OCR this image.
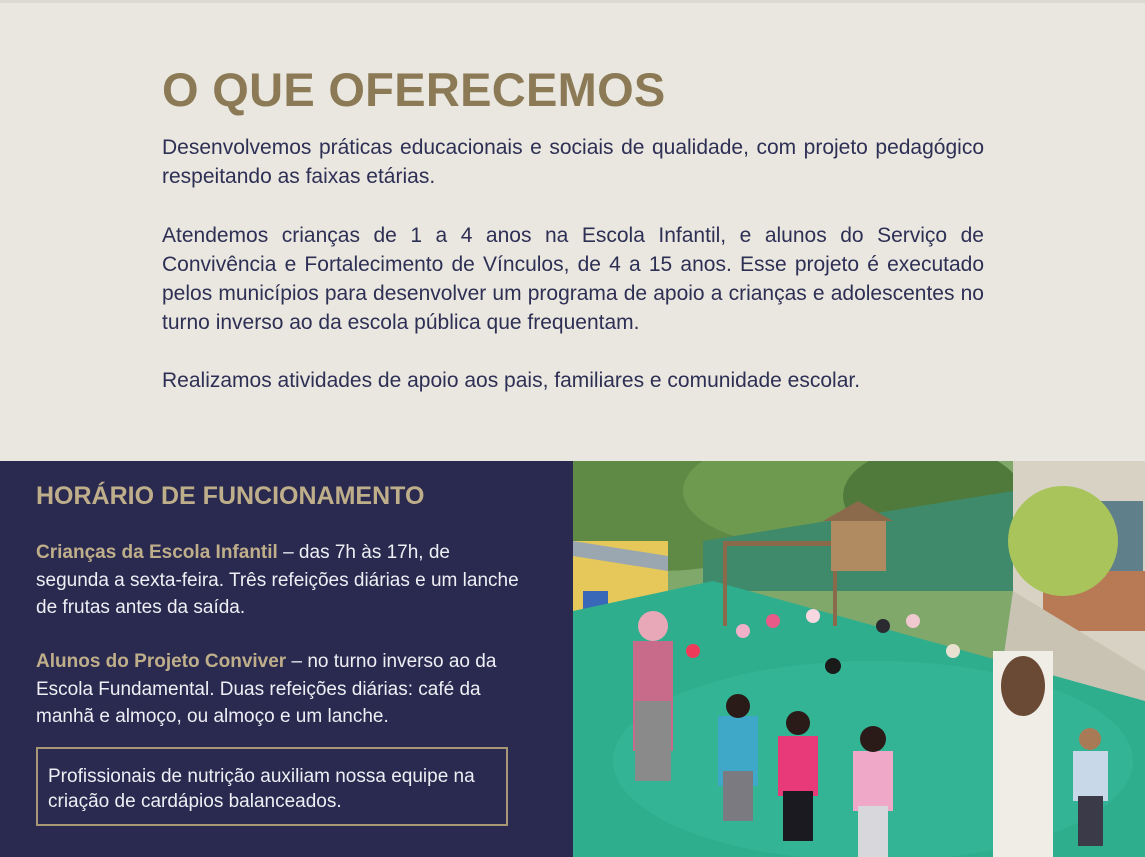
O QUE OFERECEMOS

Desenvolvemos práticas educacionais e sociais de qualidade, com projeto pedagógico respeitando as faixas etárias.

Atendemos crianças de 1 a 4 anos na Escola Infantil, e alunos do Serviço de Convivência e Fortalecimento de Vínculos, de 4 a 15 anos. Esse projeto é executado pelos municípios para desenvolver um programa de apoio a crianças e adolescentes no turno inverso ao da escola pública que frequentam.

Realizamos atividades de apoio aos pais, familiares e comunidade escolar.

HORÁRIO DE FUNCIONAMENTO

Crianças da Escola Infantil – das 7h às 17h, de segunda a sexta-feira. Três refeições diárias e um lanche de frutas antes da saída.

Alunos do Projeto Conviver – no turno inverso ao da Escola Fundamental. Duas refeições diárias: café da manhã e almoço, ou almoço e um lanche.

Profissionais de nutrição auxiliam nossa equipe na criação de cardápios balanceados.
